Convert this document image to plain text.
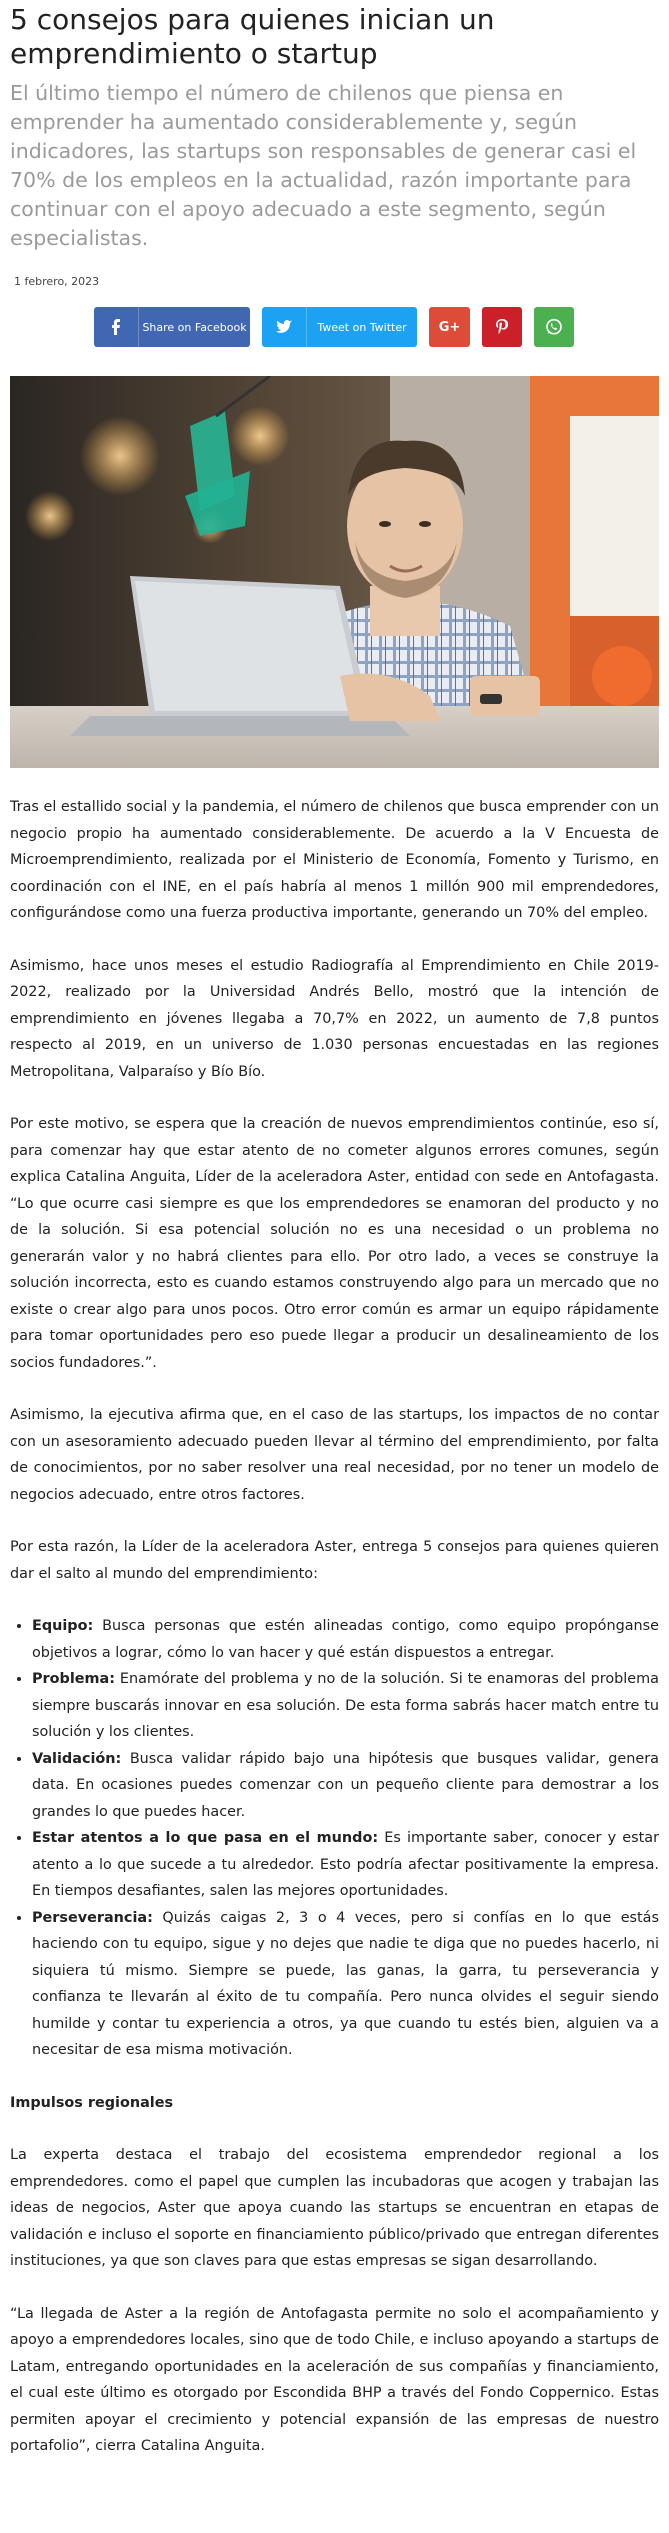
5 consejos para quienes inician un emprendimiento o startup

El último tiempo el número de chilenos que piensa en emprender ha aumentado considerablemente y, según indicadores, las startups son responsables de generar casi el 70% de los empleos en la actualidad, razón importante para continuar con el apoyo adecuado a este segmento, según especialistas.

1 febrero, 2023
Share on Facebook	Tweet on Twitter	G+

Tras el estallido social y la pandemia, el número de chilenos que busca emprender con un negocio propio ha aumentado considerablemente. De acuerdo a la V Encuesta de Microemprendimiento, realizada por el Ministerio de Economía, Fomento y Turismo, en coordinación con el INE, en el país habría al menos 1 millón 900 mil emprendedores, configurándose como una fuerza productiva importante, generando un 70% del empleo.

Asimismo, hace unos meses el estudio Radiografía al Emprendimiento en Chile 2019-2022, realizado por la Universidad Andrés Bello, mostró que la intención de emprendimiento en jóvenes llegaba a 70,7% en 2022, un aumento de 7,8 puntos respecto al 2019, en un universo de 1.030 personas encuestadas en las regiones Metropolitana, Valparaíso y Bío Bío.

Por este motivo, se espera que la creación de nuevos emprendimientos continúe, eso sí, para comenzar hay que estar atento de no cometer algunos errores comunes, según explica Catalina Anguita, Líder de la aceleradora Aster, entidad con sede en Antofagasta. “Lo que ocurre casi siempre es que los emprendedores se enamoran del producto y no de la solución. Si esa potencial solución no es una necesidad o un problema no generarán valor y no habrá clientes para ello. Por otro lado, a veces se construye la solución incorrecta, esto es cuando estamos construyendo algo para un mercado que no existe o crear algo para unos pocos. Otro error común es armar un equipo rápidamente para tomar oportunidades pero eso puede llegar a producir un desalineamiento de los socios fundadores.”.

Asimismo, la ejecutiva afirma que, en el caso de las startups, los impactos de no contar con un asesoramiento adecuado pueden llevar al término del emprendimiento, por falta de conocimientos, por no saber resolver una real necesidad, por no tener un modelo de negocios adecuado, entre otros factores.

Por esta razón, la Líder de la aceleradora Aster, entrega 5 consejos para quienes quieren dar el salto al mundo del emprendimiento:

• Equipo: Busca personas que estén alineadas contigo, como equipo propónganse objetivos a lograr, cómo lo van hacer y qué están dispuestos a entregar.
• Problema: Enamórate del problema y no de la solución. Si te enamoras del problema siempre buscarás innovar en esa solución. De esta forma sabrás hacer match entre tu solución y los clientes.
• Validación: Busca validar rápido bajo una hipótesis que busques validar, genera data. En ocasiones puedes comenzar con un pequeño cliente para demostrar a los grandes lo que puedes hacer.
• Estar atentos a lo que pasa en el mundo: Es importante saber, conocer y estar atento a lo que sucede a tu alrededor. Esto podría afectar positivamente la empresa. En tiempos desafiantes, salen las mejores oportunidades.
• Perseverancia: Quizás caigas 2, 3 o 4 veces, pero si confías en lo que estás haciendo con tu equipo, sigue y no dejes que nadie te diga que no puedes hacerlo, ni siquiera tú mismo. Siempre se puede, las ganas, la garra, tu perseverancia y confianza te llevarán al éxito de tu compañía. Pero nunca olvides el seguir siendo humilde y contar tu experiencia a otros, ya que cuando tu estés bien, alguien va a necesitar de esa misma motivación.
Impulsos regionales

La experta destaca el trabajo del ecosistema emprendedor regional a los emprendedores. como el papel que cumplen las incubadoras que acogen y trabajan las ideas de negocios, Aster que apoya cuando las startups se encuentran en etapas de validación e incluso el soporte en financiamiento público/privado que entregan diferentes instituciones, ya que son claves para que estas empresas se sigan desarrollando.

“La llegada de Aster a la región de Antofagasta permite no solo el acompañamiento y apoyo a emprendedores locales, sino que de todo Chile, e incluso apoyando a startups de Latam, entregando oportunidades en la aceleración de sus compañías y financiamiento, el cual este último es otorgado por Escondida BHP a través del Fondo Coppernico. Estas permiten apoyar el crecimiento y potencial expansión de las empresas de nuestro portafolio”, cierra Catalina Anguita.
